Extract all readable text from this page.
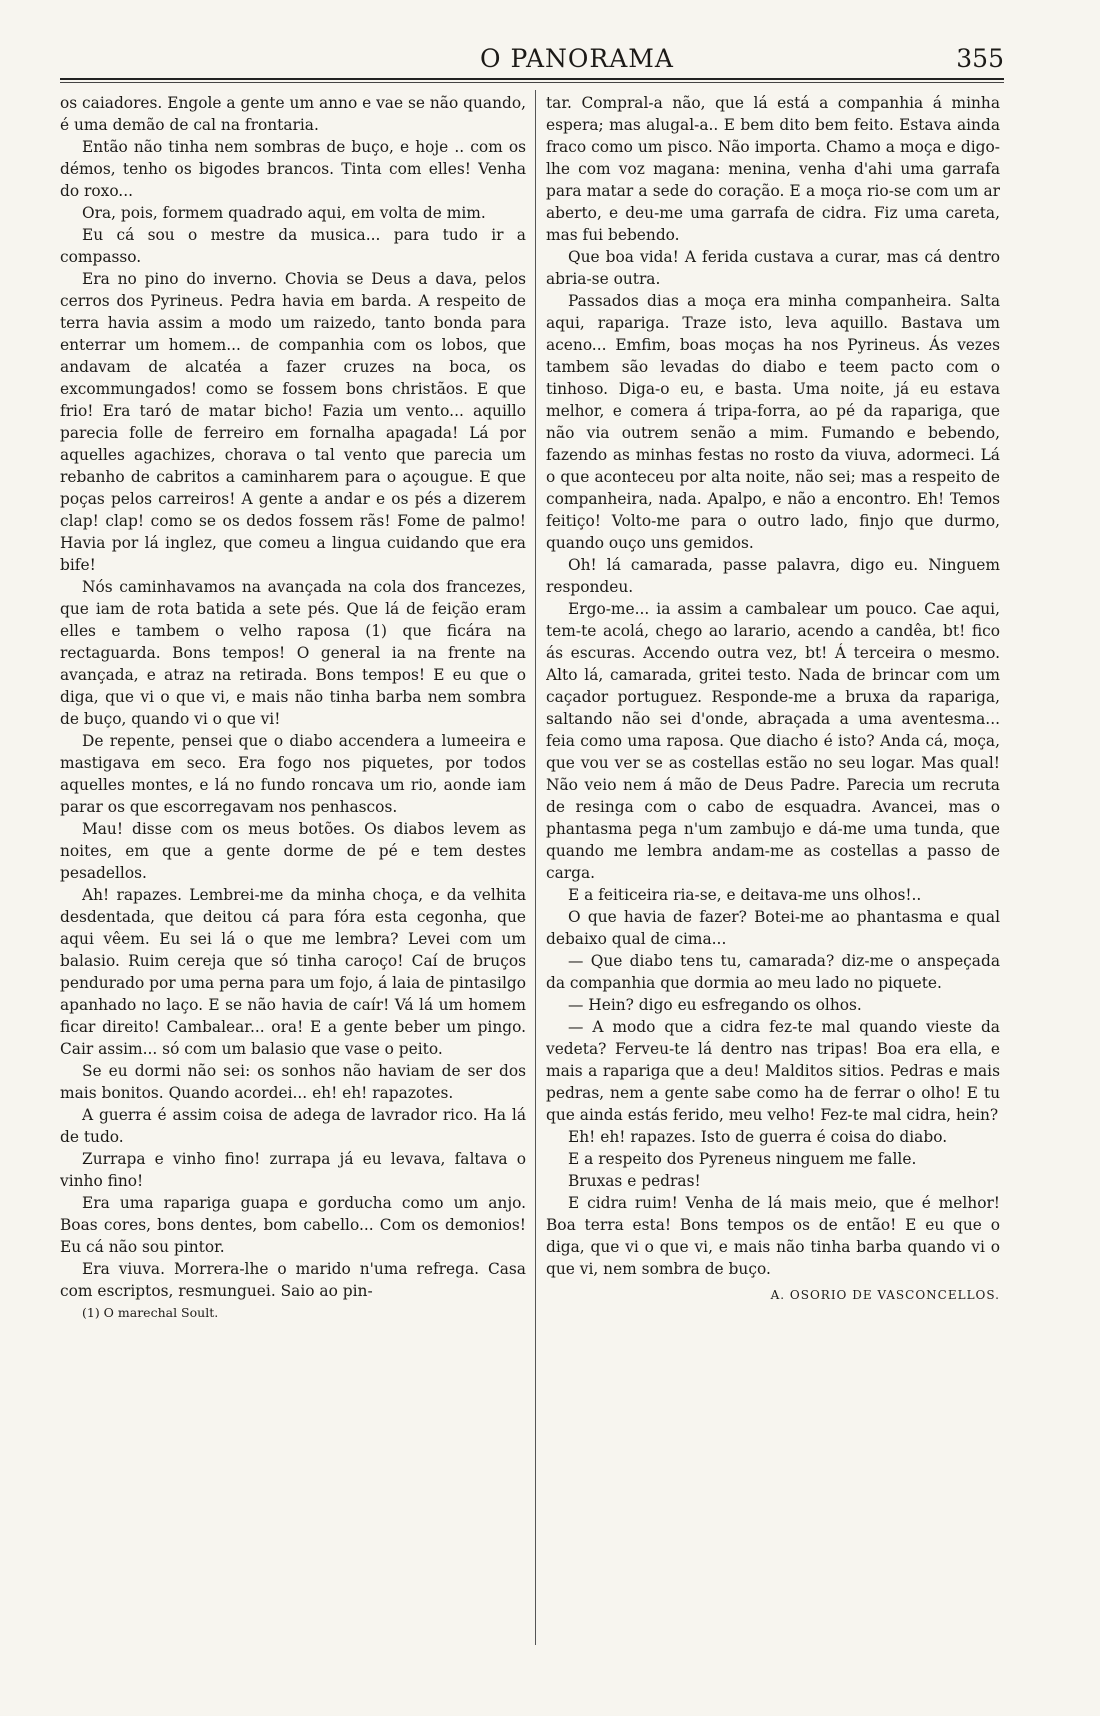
O PANORAMA	355

os caiadores. Engole a gente um anno e vae se não quando, é uma demão de cal na frontaria.

Então não tinha nem sombras de buço, e hoje .. com os démos, tenho os bigodes brancos. Tinta com elles! Venha do roxo...

Ora, pois, formem quadrado aqui, em volta de mim.

Eu cá sou o mestre da musica... para tudo ir a compasso.

Era no pino do inverno. Chovia se Deus a dava, pelos cerros dos Pyrineus. Pedra havia em barda. A respeito de terra havia assim a modo um raizedo, tanto bonda para enterrar um homem... de companhia com os lobos, que andavam de alcatéa a fazer cruzes na boca, os excommungados! como se fossem bons christãos. E que frio! Era taró de matar bicho! Fazia um vento... aquillo parecia folle de ferreiro em fornalha apagada! Lá por aquelles agachizes, chorava o tal vento que parecia um rebanho de cabritos a caminharem para o açougue. E que poças pelos carreiros! A gente a andar e os pés a dizerem clap! clap! como se os dedos fossem rãs! Fome de palmo! Havia por lá inglez, que comeu a lingua cuidando que era bife!

Nós caminhavamos na avançada na cola dos francezes, que iam de rota batida a sete pés. Que lá de feição eram elles e tambem o velho raposa (1) que ficára na rectaguarda. Bons tempos! O general ia na frente na avançada, e atraz na retirada. Bons tempos! E eu que o diga, que vi o que vi, e mais não tinha barba nem sombra de buço, quando vi o que vi!

De repente, pensei que o diabo accendera a lumeeira e mastigava em seco. Era fogo nos piquetes, por todos aquelles montes, e lá no fundo roncava um rio, aonde iam parar os que escorregavam nos penhascos.

Mau! disse com os meus botões. Os diabos levem as noites, em que a gente dorme de pé e tem destes pesadellos.

Ah! rapazes. Lembrei-me da minha choça, e da velhita desdentada, que deitou cá para fóra esta cegonha, que aqui vêem. Eu sei lá o que me lembra? Levei com um balasio. Ruim cereja que só tinha caroço! Caí de bruços pendurado por uma perna para um fojo, á laia de pintasilgo apanhado no laço. E se não havia de caír! Vá lá um homem ficar direito! Cambalear... ora! E a gente beber um pingo. Cair assim... só com um balasio que vase o peito.

Se eu dormi não sei: os sonhos não haviam de ser dos mais bonitos. Quando acordei... eh! eh! rapazotes.

A guerra é assim coisa de adega de lavrador rico. Ha lá de tudo.

Zurrapa e vinho fino! zurrapa já eu levava, faltava o vinho fino!

Era uma rapariga guapa e gorducha como um anjo. Boas cores, bons dentes, bom cabello... Com os demonios! Eu cá não sou pintor.

Era viuva. Morrera-lhe o marido n'uma refrega. Casa com escriptos, resmunguei. Saio ao pin-

(1) O marechal Soult.

tar. Compral-a não, que lá está a companhia á minha espera; mas alugal-a.. E bem dito bem feito. Estava ainda fraco como um pisco. Não importa. Chamo a moça e digo-lhe com voz magana: menina, venha d'ahi uma garrafa para matar a sede do coração. E a moça rio-se com um ar aberto, e deu-me uma garrafa de cidra. Fiz uma careta, mas fui bebendo.

Que boa vida! A ferida custava a curar, mas cá dentro abria-se outra.

Passados dias a moça era minha companheira. Salta aqui, rapariga. Traze isto, leva aquillo. Bastava um aceno... Emfim, boas moças ha nos Pyrineus. Ás vezes tambem são levadas do diabo e teem pacto com o tinhoso. Diga-o eu, e basta. Uma noite, já eu estava melhor, e comera á tripa-forra, ao pé da rapariga, que não via outrem senão a mim. Fumando e bebendo, fazendo as minhas festas no rosto da viuva, adormeci. Lá o que aconteceu por alta noite, não sei; mas a respeito de companheira, nada. Apalpo, e não a encontro. Eh! Temos feitiço! Volto-me para o outro lado, finjo que durmo, quando ouço uns gemidos.

Oh! lá camarada, passe palavra, digo eu. Ninguem respondeu.

Ergo-me... ia assim a cambalear um pouco. Cae aqui, tem-te acolá, chego ao larario, acendo a candêa, bt! fico ás escuras. Accendo outra vez, bt! Á terceira o mesmo. Alto lá, camarada, gritei testo. Nada de brincar com um caçador portuguez. Responde-me a bruxa da rapariga, saltando não sei d'onde, abraçada a uma aventesma... feia como uma raposa. Que diacho é isto? Anda cá, moça, que vou ver se as costellas estão no seu logar. Mas qual! Não veio nem á mão de Deus Padre. Parecia um recruta de resinga com o cabo de esquadra. Avancei, mas o phantasma pega n'um zambujo e dá-me uma tunda, que quando me lembra andam-me as costellas a passo de carga.

E a feiticeira ria-se, e deitava-me uns olhos!..

O que havia de fazer? Botei-me ao phantasma e qual debaixo qual de cima...

— Que diabo tens tu, camarada? diz-me o anspeçada da companhia que dormia ao meu lado no piquete.

— Hein? digo eu esfregando os olhos.

— A modo que a cidra fez-te mal quando vieste da vedeta? Ferveu-te lá dentro nas tripas! Boa era ella, e mais a rapariga que a deu! Malditos sitios. Pedras e mais pedras, nem a gente sabe como ha de ferrar o olho! E tu que ainda estás ferido, meu velho! Fez-te mal cidra, hein?

Eh! eh! rapazes. Isto de guerra é coisa do diabo.

E a respeito dos Pyreneus ninguem me falle.

Bruxas e pedras!

E cidra ruim! Venha de lá mais meio, que é melhor! Boa terra esta! Bons tempos os de então! E eu que o diga, que vi o que vi, e mais não tinha barba quando vi o que vi, nem sombra de buço.

A. OSORIO DE VASCONCELLOS.
